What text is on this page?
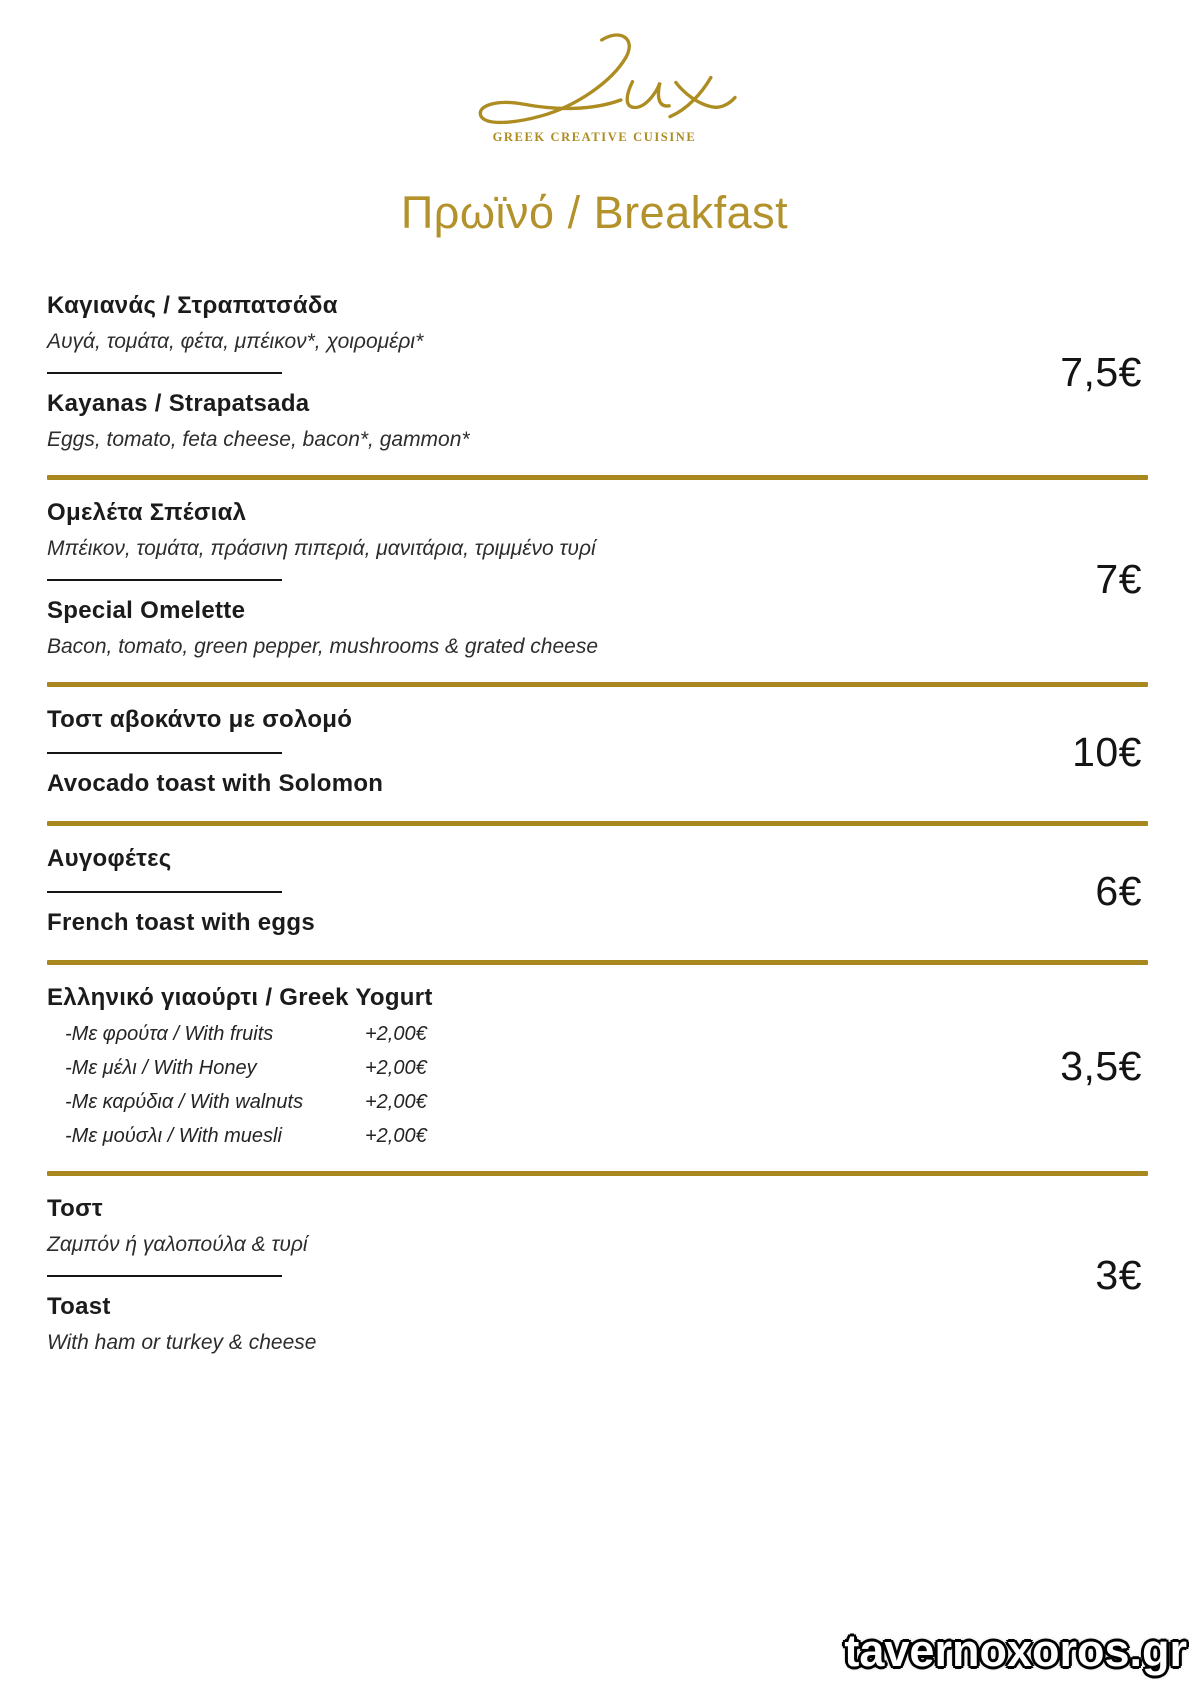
GREEK CREATIVE CUISINE
Πρωϊνό / Breakfast
Καγιανάς / Στραπατσάδα

Αυγά, τομάτα, φέτα, μπέικον*, χοιρομέρι*

Kayanas / Strapatsada

Eggs, tomato, feta cheese, bacon*, gammon*

7,5€
Ομελέτα Σπέσιαλ

Μπέικον, τομάτα, πράσινη πιπεριά, μανιτάρια, τριμμένο τυρί

Special Omelette

Bacon, tomato, green pepper, mushrooms & grated cheese

7€
Τοστ αβοκάντο με σολομό
Avocado toast with Solomon
10€
Αυγοφέτες
French toast with eggs
6€
Ελληνικό γιαούρτι / Greek Yogurt
-Με φρούτα / With fruits	+2,00€
-Με μέλι / With Honey	+2,00€
-Με καρύδια / With walnuts	+2,00€
-Με μούσλι / With muesli	+2,00€
3,5€
Τοστ

Ζαμπόν ή γαλοπούλα & τυρί

Toast

With ham or turkey & cheese

3€
tavernoxoros.gr
